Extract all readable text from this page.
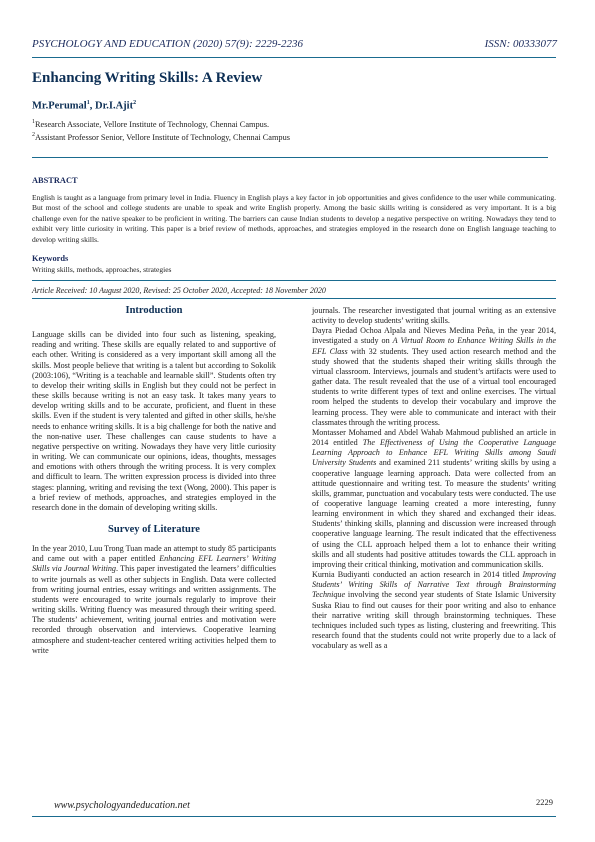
PSYCHOLOGY AND EDUCATION (2020) 57(9): 2229-2236	ISSN: 00333077
Enhancing Writing Skills: A Review
Mr.Perumal$^1$, Dr.I.Ajit$^2$
$^1$Research Associate, Vellore Institute of Technology, Chennai Campus.
$^2$Assistant Professor Senior, Vellore Institute of Technology, Chennai Campus
ABSTRACT
English is taught as a language from primary level in India. Fluency in English plays a key factor in job opportunities and gives confidence to the user while communicating. But most of the school and college students are unable to speak and write English properly. Among the basic skills writing is considered as very important. It is a big challenge even for the native speaker to be proficient in writing. The barriers can cause Indian students to develop a negative perspective on writing. Nowadays they tend to exhibit very little curiosity in writing. This paper is a brief review of methods, approaches, and strategies employed in the research done on English language teaching to develop writing skills.
Keywords
Writing skills, methods, approaches, strategies
Article Received: 10 August 2020, Revised: 25 October 2020, Accepted: 18 November 2020

Introduction

Language skills can be divided into four such as listening, speaking, reading and writing. These skills are equally related to and supportive of each other. Writing is considered as a very important skill among all the skills. Most people believe that writing is a talent but according to Sokolik (2003:106), “Writing is a teachable and learnable skill”. Students often try to develop their writing skills in English but they could not be perfect in these skills because writing is not an easy task. It takes many years to develop writing skills and to be accurate, proficient, and fluent in these skills. Even if the student is very talented and gifted in other skills, he/she needs to enhance writing skills. It is a big challenge for both the native and the non-native user. These challenges can cause students to have a negative perspective on writing. Nowadays they have very little curiosity in writing. We can communicate our opinions, ideas, thoughts, messages and emotions with others through the writing process. It is very complex and difficult to learn. The written expression process is divided into three stages: planning, writing and revising the text (Wong, 2000). This paper is a brief review of methods, approaches, and strategies employed in the research done in the domain of developing writing skills.

Survey of Literature

In the year 2010, Luu Trong Tuan made an attempt to study 85 participants and came out with a paper entitled Enhancing EFL Learners’ Writing Skills via Journal Writing. This paper investigated the learners’ difficulties to write journals as well as other subjects in English. Data were collected from writing journal entries, essay writings and written assignments. The students were encouraged to write journals regularly to improve their writing skills. Writing fluency was measured through their writing speed. The students’ achievement, writing journal entries and motivation were recorded through observation and interviews. Cooperative learning atmosphere and student-teacher centered writing activities helped them to write

journals. The researcher investigated that journal writing as an extensive activity to develop students’ writing skills.

Dayra Piedad Ochoa Alpala and Nieves Medina Peña, in the year 2014, investigated a study on A Virtual Room to Enhance Writing Skills in the EFL Class with 32 students. They used action research method and the study showed that the students shaped their writing skills through the virtual classroom. Interviews, journals and student’s artifacts were used to gather data. The result revealed that the use of a virtual tool encouraged students to write different types of text and online exercises. The virtual room helped the students to develop their vocabulary and improve the learning process. They were able to communicate and interact with their classmates through the writing process.

Montasser Mohamed and Abdel Wahab Mahmoud published an article in 2014 entitled The Effectiveness of Using the Cooperative Language Learning Approach to Enhance EFL Writing Skills among Saudi University Students and examined 211 students’ writing skills by using a cooperative language learning approach. Data were collected from an attitude questionnaire and writing test. To measure the students’ writing skills, grammar, punctuation and vocabulary tests were conducted. The use of cooperative language learning created a more interesting, funny learning environment in which they shared and exchanged their ideas. Students’ thinking skills, planning and discussion were increased through cooperative language learning. The result indicated that the effectiveness of using the CLL approach helped them a lot to enhance their writing skills and all students had positive attitudes towards the CLL approach in improving their critical thinking, motivation and communication skills.

Kurnia Budiyanti conducted an action research in 2014 titled Improving Students’ Writing Skills of Narrative Text through Brainstorming Technique involving the second year students of State Islamic University Suska Riau to find out causes for their poor writing and also to enhance their narrative writing skill through brainstorming techniques. These techniques included such types as listing, clustering and freewriting. This research found that the students could not write properly due to a lack of vocabulary as well as a

2229
www.psychologyandeducation.net
